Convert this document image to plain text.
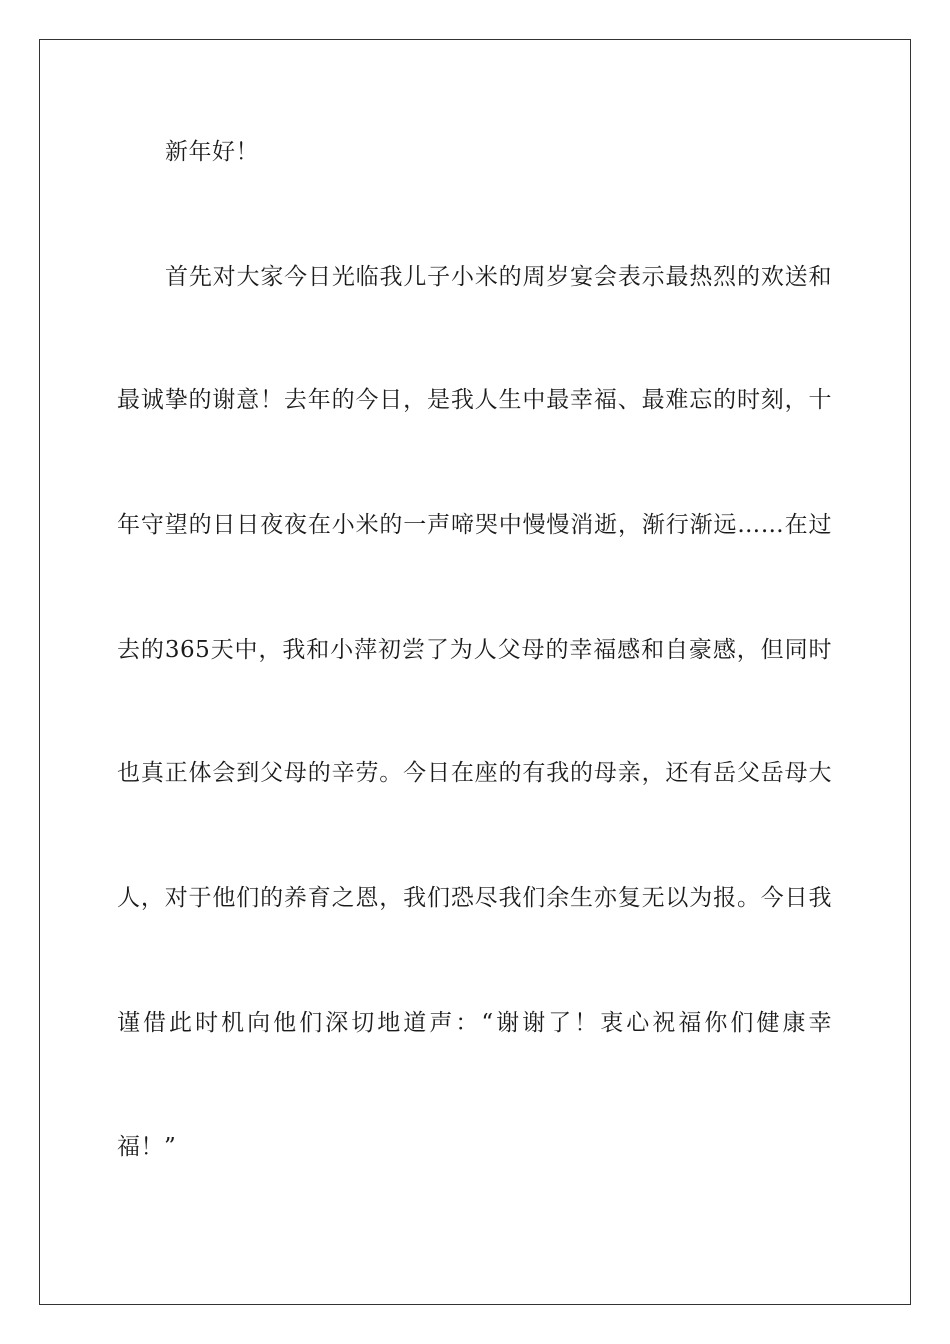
新年好！
首先对大家今日光临我儿子小米的周岁宴会表示最热烈的欢送和
最诚挚的谢意！去年的今日，是我人生中最幸福、最难忘的时刻，十
年守望的日日夜夜在小米的一声啼哭中慢慢消逝，渐行渐远……在过
去的365天中，我和小萍初尝了为人父母的幸福感和自豪感，但同时
也真正体会到父母的辛劳。今日在座的有我的母亲，还有岳父岳母大
人，对于他们的养育之恩，我们恐尽我们余生亦复无以为报。今日我
谨借此时机向他们深切地道声：“谢谢了！衷心祝福你们健康幸
福！”
